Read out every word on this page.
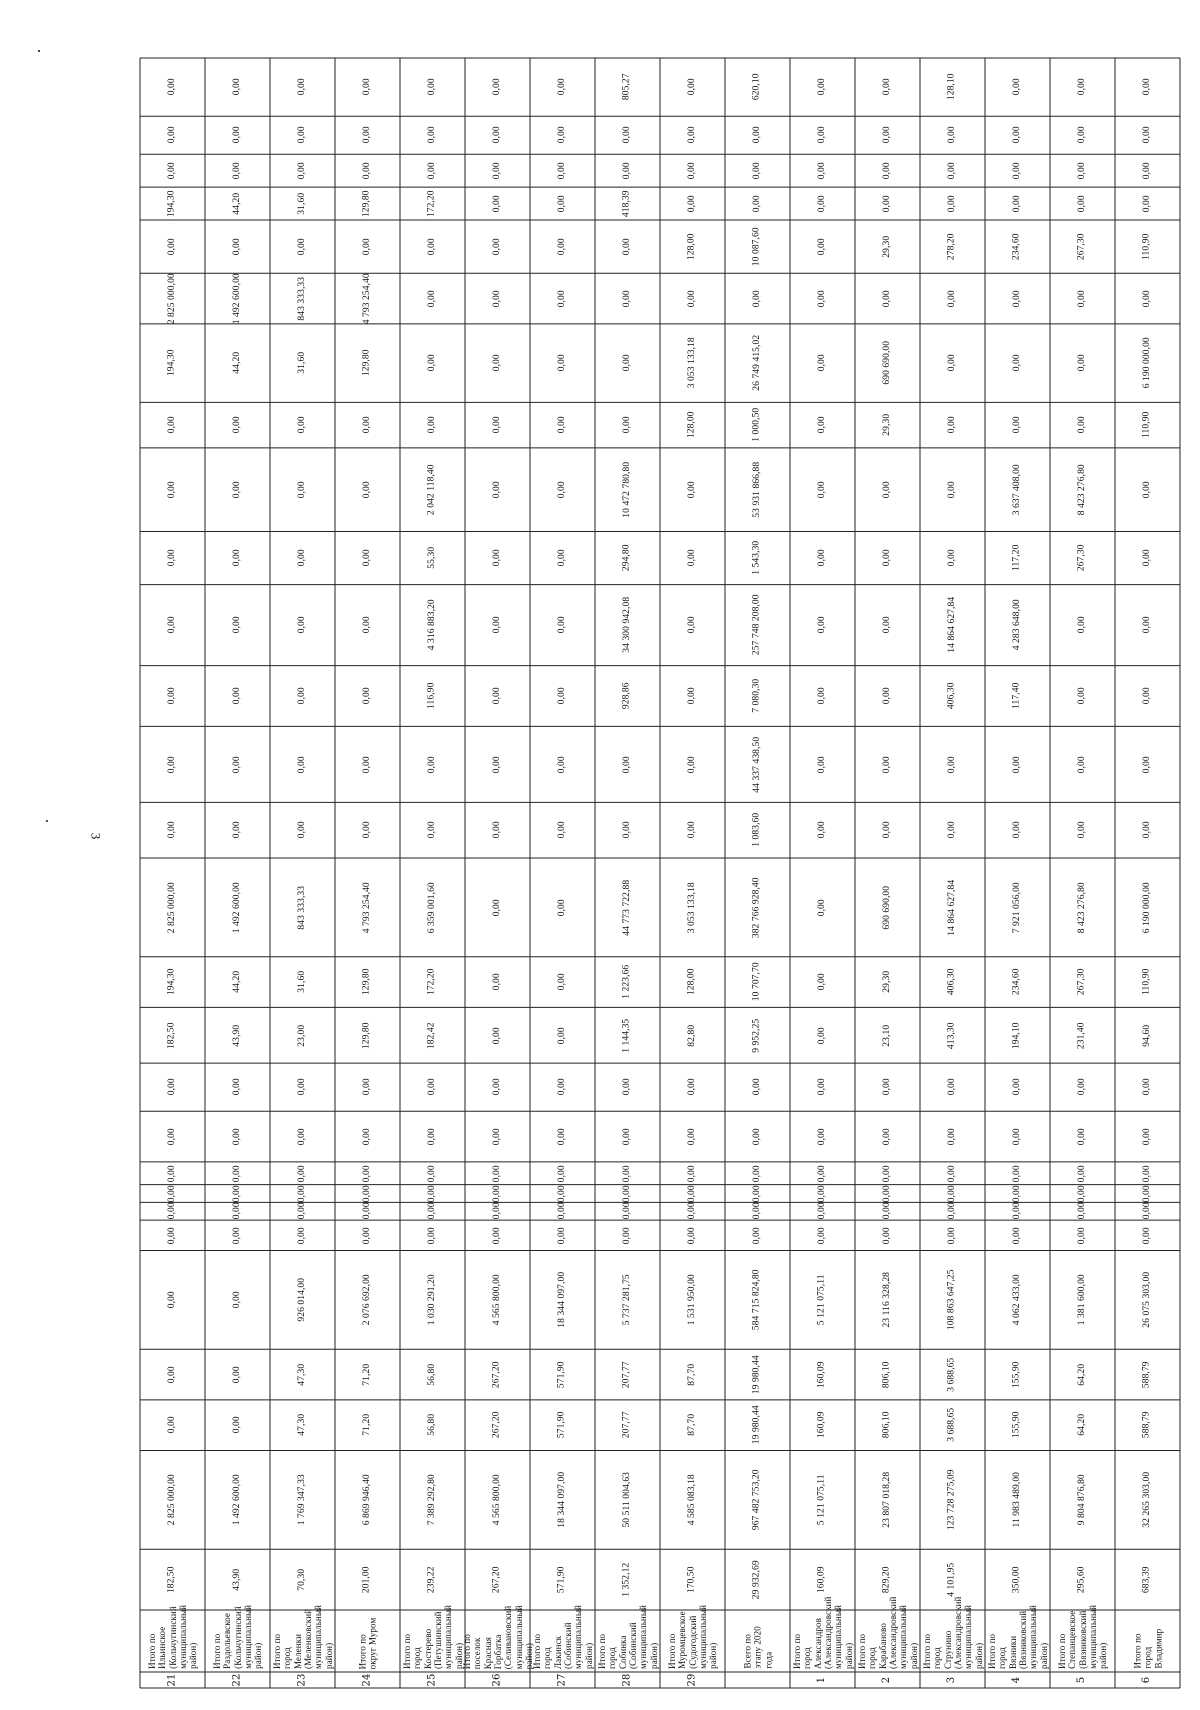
3
21
Итого по Ильинское (Кольчугинский муниципальный район)
182,50
2 825 000,00
0,00
0,00
0,00
0,00
0,00
0,00
0,00
0,00
0,00
182,50
194,30
2 825 000,00
0,00
0,00
0,00
0,00
0,00
0,00
0,00
194,30
2 825 000,00
0,00
194,30
0,00
0,00
0,00
22
Итого по Раздольевское (Кольчугинский муниципальный район)
43,90
1 492 600,00
0,00
0,00
0,00
0,00
0,00
0,00
0,00
0,00
0,00
43,90
44,20
1 492 600,00
0,00
0,00
0,00
0,00
0,00
0,00
0,00
44,20
1 492 600,00
0,00
44,20
0,00
0,00
0,00
23
Итого по город Меленки (Меленковский муниципальный район)
70,30
1 769 347,33
47,30
47,30
926 014,00
0,00
0,00
0,00
0,00
0,00
0,00
23,00
31,60
843 333,33
0,00
0,00
0,00
0,00
0,00
0,00
0,00
31,60
843 333,33
0,00
31,60
0,00
0,00
0,00
24
Итого по округ Муром
201,00
6 869 946,40
71,20
71,20
2 076 692,00
0,00
0,00
0,00
0,00
0,00
0,00
129,80
129,80
4 793 254,40
0,00
0,00
0,00
0,00
0,00
0,00
0,00
129,80
4 793 254,40
0,00
129,80
0,00
0,00
0,00
25
Итого по город Костерево (Петушинский муниципальный район)
239,22
7 389 292,80
56,80
56,80
1 030 291,20
0,00
0,00
0,00
0,00
0,00
0,00
182,42
172,20
6 359 001,60
0,00
0,00
116,90
4 316 883,20
55,30
2 042 118,40
0,00
0,00
0,00
0,00
172,20
0,00
0,00
0,00
26
Итого по поселок Красная Горбатка (Селивановский муниципальный район)
267,20
4 565 800,00
267,20
267,20
4 565 800,00
0,00
0,00
0,00
0,00
0,00
0,00
0,00
0,00
0,00
0,00
0,00
0,00
0,00
0,00
0,00
0,00
0,00
0,00
0,00
0,00
0,00
0,00
0,00
27
Итого по город Лакинск (Собинский муниципальный район)
571,90
18 344 097,00
571,90
571,90
18 344 097,00
0,00
0,00
0,00
0,00
0,00
0,00
0,00
0,00
0,00
0,00
0,00
0,00
0,00
0,00
0,00
0,00
0,00
0,00
0,00
0,00
0,00
0,00
0,00
28
Итого по город Собинка (Собинский муниципальный район)
1 352,12
50 511 004,63
207,77
207,77
5 737 281,75
0,00
0,00
0,00
0,00
0,00
0,00
1 144,35
1 223,66
44 773 722,88
0,00
0,00
928,86
34 300 942,08
294,80
10 472 780,80
0,00
0,00
0,00
0,00
418,39
0,00
0,00
805,27
29
Итого по Муромцевское (Судогодский муниципальный район)
170,50
4 585 083,18
87,70
87,70
1 531 950,00
0,00
0,00
0,00
0,00
0,00
0,00
82,80
128,00
3 053 133,18
0,00
0,00
0,00
0,00
0,00
0,00
128,00
3 053 133,18
0,00
128,00
0,00
0,00
0,00
0,00
Всего по этапу 2020 года
29 932,69
967 482 753,20
19 980,44
19 980,44
584 715 824,80
0,00
0,00
0,00
0,00
0,00
0,00
9 952,25
10 707,70
382 766 928,40
1 083,60
44 337 438,50
7 080,30
257 748 208,00
1 543,30
53 931 866,88
1 000,50
26 749 415,02
0,00
10 087,60
0,00
0,00
0,00
620,10
1
Итого по город Александров (Александровский муниципальный район)
160,09
5 121 075,11
160,09
160,09
5 121 075,11
0,00
0,00
0,00
0,00
0,00
0,00
0,00
0,00
0,00
0,00
0,00
0,00
0,00
0,00
0,00
0,00
0,00
0,00
0,00
0,00
0,00
0,00
0,00
2
Итого по город Карабаново (Александровский муниципальный район)
829,20
23 807 018,28
806,10
806,10
23 116 328,28
0,00
0,00
0,00
0,00
0,00
0,00
23,10
29,30
690 690,00
0,00
0,00
0,00
0,00
0,00
0,00
29,30
690 690,00
0,00
29,30
0,00
0,00
0,00
0,00
3
Итого по город Струнино (Александровский муниципальный район)
4 101,95
123 728 275,09
3 688,65
3 688,65
108 863 647,25
0,00
0,00
0,00
0,00
0,00
0,00
413,30
406,30
14 864 627,84
0,00
0,00
406,30
14 864 627,84
0,00
0,00
0,00
0,00
0,00
278,20
0,00
0,00
0,00
128,10
4
Итого по город Вязники (Вязниковский муниципальный район)
350,00
11 983 489,00
155,90
155,90
4 062 433,00
0,00
0,00
0,00
0,00
0,00
0,00
194,10
234,60
7 921 056,00
0,00
0,00
117,40
4 283 648,00
117,20
3 637 408,00
0,00
0,00
0,00
234,60
0,00
0,00
0,00
0,00
5
Итого по Степанцевское (Вязниковский муниципальный район)
295,60
9 804 876,80
64,20
64,20
1 381 600,00
0,00
0,00
0,00
0,00
0,00
0,00
231,40
267,30
8 423 276,80
0,00
0,00
0,00
0,00
267,30
8 423 276,80
0,00
0,00
0,00
267,30
0,00
0,00
0,00
0,00
6
Итого по город Владимир
683,39
32 265 303,00
588,79
588,79
26 075 303,00
0,00
0,00
0,00
0,00
0,00
0,00
94,60
110,90
6 190 000,00
0,00
0,00
0,00
0,00
0,00
0,00
110,90
6 190 000,00
0,00
110,90
0,00
0,00
0,00
0,00
